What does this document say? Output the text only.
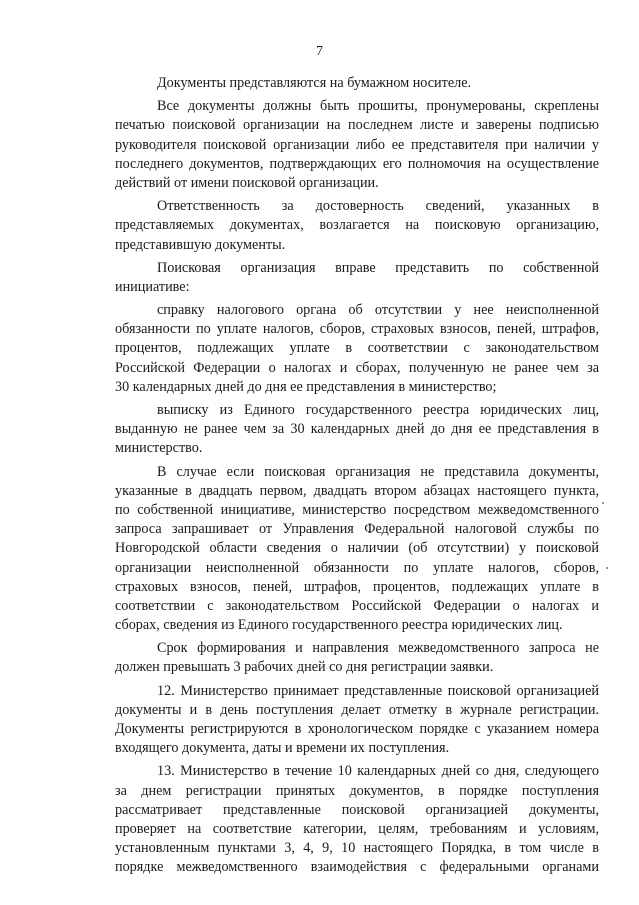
7
Документы представляются на бумажном носителе.
Все документы должны быть прошиты, пронумерованы, скреплены
печатью поисковой организации на последнем листе и заверены подписью
руководителя поисковой организации либо ее представителя при наличии у
последнего документов, подтверждающих его полномочия на осуществление
действий от имени поисковой организации.
Ответственность за достоверность сведений, указанных в
представляемых документах, возлагается на поисковую организацию,
представившую документы.
Поисковая организация вправе представить по собственной
инициативе:
справку налогового органа об отсутствии у нее неисполненной
обязанности по уплате налогов, сборов, страховых взносов, пеней, штрафов,
процентов, подлежащих уплате в соответствии с законодательством
Российской Федерации о налогах и сборах, полученную не ранее чем за
30 календарных дней до дня ее представления в министерство;
выписку из Единого государственного реестра юридических лиц,
выданную не ранее чем за 30 календарных дней до дня ее представления в
министерство.
В случае если поисковая организация не представила документы,
указанные в двадцать первом, двадцать втором абзацах настоящего пункта,
по собственной инициативе, министерство посредством межведомственного
запроса запрашивает от Управления Федеральной налоговой службы по
Новгородской области сведения о наличии (об отсутствии) у поисковой
организации неисполненной обязанности по уплате налогов, сборов,
страховых взносов, пеней, штрафов, процентов, подлежащих уплате в
соответствии с законодательством Российской Федерации о налогах и
сборах, сведения из Единого государственного реестра юридических лиц.
Срок формирования и направления межведомственного запроса не
должен превышать 3 рабочих дней со дня регистрации заявки.
12. Министерство принимает представленные поисковой организацией
документы и в день поступления делает отметку в журнале регистрации.
Документы регистрируются в хронологическом порядке с указанием номера
входящего документа, даты и времени их поступления.
13. Министерство в течение 10 календарных дней со дня, следующего
за днем регистрации принятых документов, в порядке поступления
рассматривает представленные поисковой организацией документы,
проверяет на соответствие категории, целям, требованиям и условиям,
установленным пунктами 3, 4, 9, 10 настоящего Порядка, в том числе в
порядке межведомственного взаимодействия с федеральными органами
